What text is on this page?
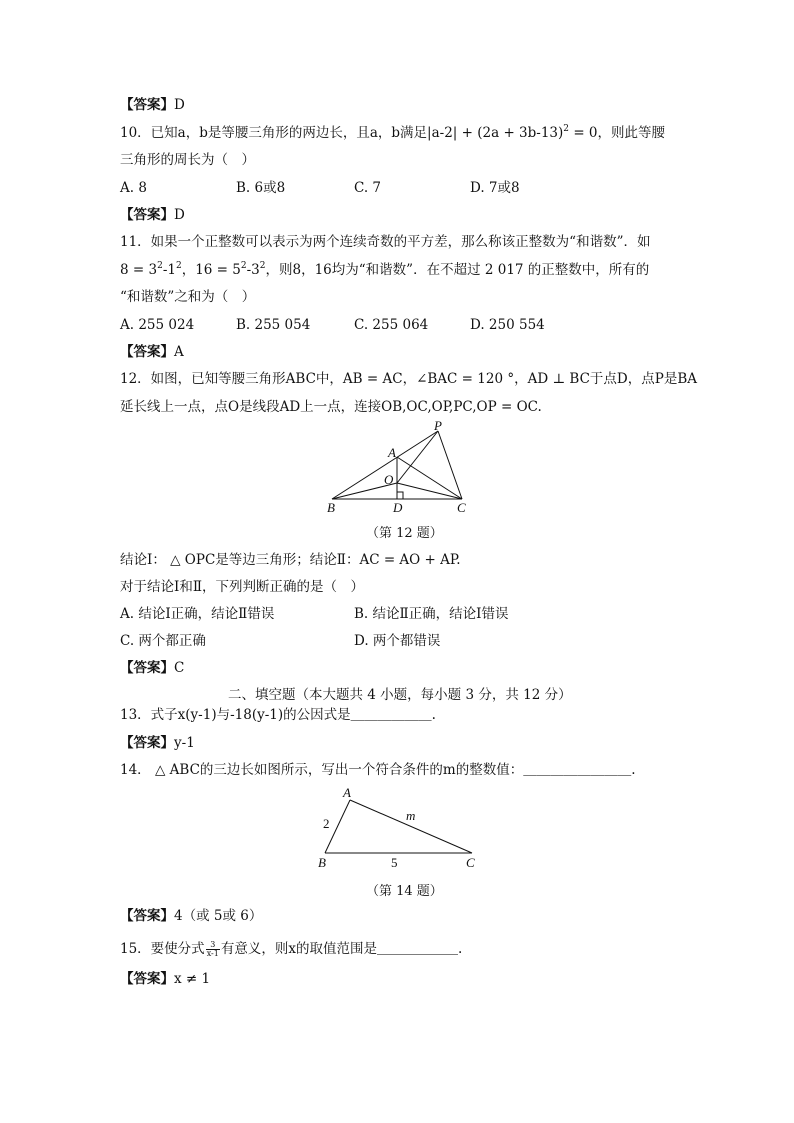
【答案】D
10．已知a，b是等腰三角形的两边长，且a，b满足$|a-2| + (2a + 3b-13)^2 = 0$，则此等腰
三角形的周长为（　）
A. 8	B. 6或8	C. 7	D. 7或8
【答案】D
11．如果一个正整数可以表示为两个连续奇数的平方差，那么称该正整数为“和谐数”．如
$8 = 3^2-1^2$，$16 = 5^2-3^2$，则8，16均为“和谐数”．在不超过 2 017 的正整数中，所有的
“和谐数”之和为（　）
A. 255 024	B. 255 054	C. 255 064	D. 250 554
【答案】A
12．如图，已知等腰三角形ABC中，AB = AC，∠BAC = 120 °，AD ⊥ BC于点D，点P是BA
延长线上一点，点O是线段AD上一点，连接OB,OC,OP,PC,OP = OC.
P
A
O
B	D	C
（第 12 题）
结论Ⅰ： △ OPC是等边三角形；结论Ⅱ：AC = AO + AP.
对于结论Ⅰ和Ⅱ，下列判断正确的是（　）
A. 结论Ⅰ正确，结论Ⅱ错误	B. 结论Ⅱ正确，结论Ⅰ错误
C. 两个都正确	D. 两个都错误
【答案】C
二、填空题（本大题共 4 小题，每小题 3 分，共 12 分）
13．式子x(y-1)与-18(y-1)的公因式是＿＿＿＿＿＿.
【答案】y-1
14． △ ABC的三边长如图所示，写出一个符合条件的m的整数值：＿＿＿＿＿＿＿＿.
A
B	C
2
5
m
（第 14 题）
【答案】4（或 5或 6）
15．要使分式 $\frac{3}{x-1}$ 有意义，则x的取值范围是＿＿＿＿＿＿.
【答案】x ≠ 1
